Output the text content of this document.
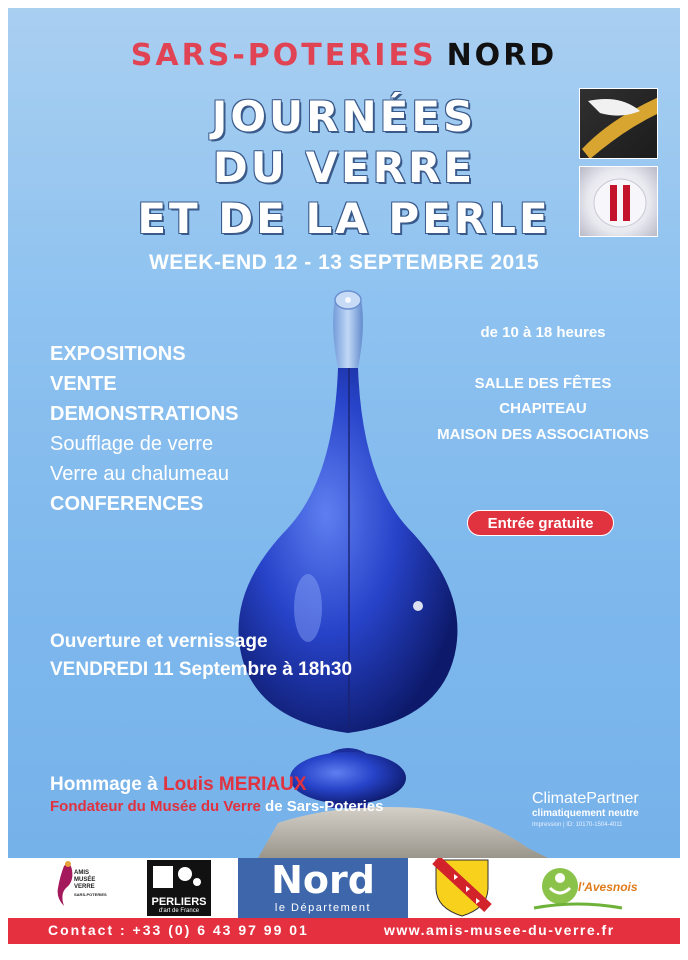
SARS-POTERIES NORD
JOURNÉES
DU VERRE
ET DE LA PERLE
WEEK-END 12 - 13 SEPTEMBRE 2015
EXPOSITIONS
VENTE
DEMONSTRATIONS
Soufflage de verre
Verre au chalumeau
CONFERENCES
de 10 à 18 heures
SALLE DES FÊTES
CHAPITEAU
MAISON DES ASSOCIATIONS
Entrée gratuite
Ouverture et vernissage
VENDREDI 11 Septembre à 18h30
Hommage à Louis MERIAUX
Fondateur du Musée du Verre de Sars-Poteries	ClimatePartner
climatiquement neutre
Impression | ID: 10170-1504-4011
AMIS
MUSÉE
VERRE
SARS-POTERIES
PERLIERS
d'art de France
Nord
le Département
l'Avesnois
Contact : +33 (0) 6 43 97 99 01	www.amis-musee-du-verre.fr
